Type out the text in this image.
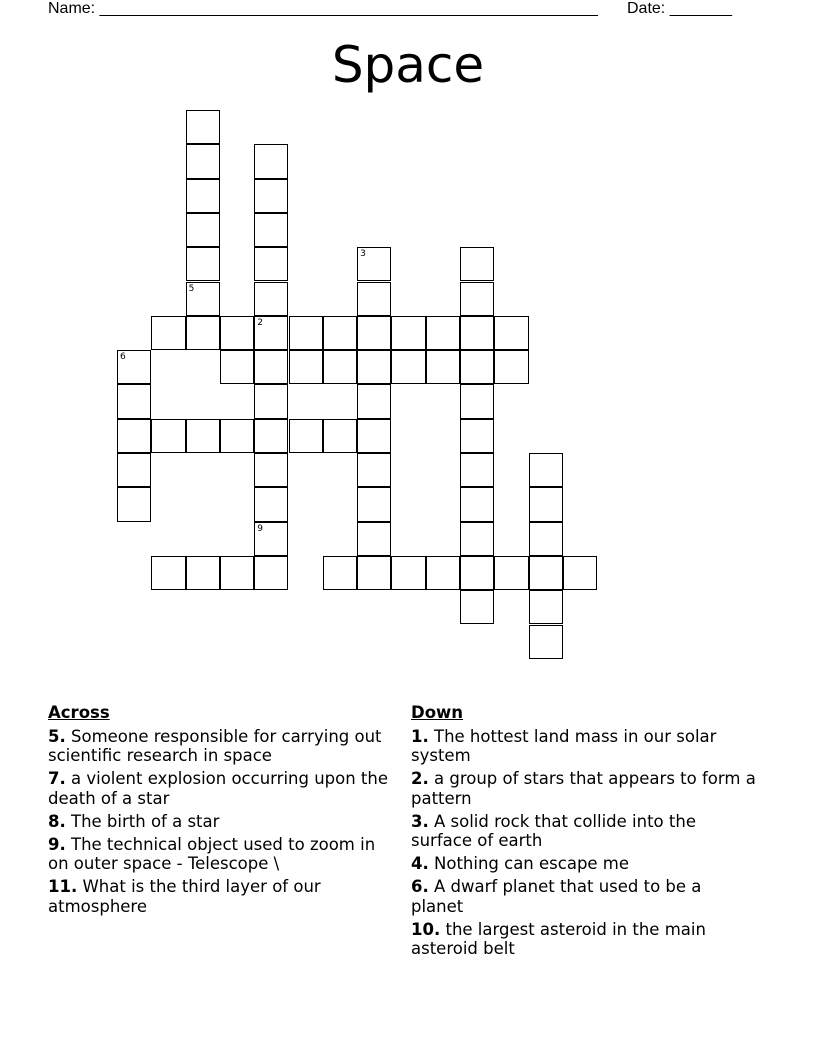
Name: ________________________________________________________ Date: _______
Space
5
2
9
3
6
Across
5. Someone responsible for carrying out scientific research in space
7. a violent explosion occurring upon the death of a star
8. The birth of a star
9. The technical object used to zoom in on outer space - Telescope \
11. What is the third layer of our atmosphere
Down
1. The hottest land mass in our solar system
2. a group of stars that appears to form a pattern
3. A solid rock that collide into the surface of earth
4. Nothing can escape me
6. A dwarf planet that used to be a planet
10. the largest asteroid in the main asteroid belt
